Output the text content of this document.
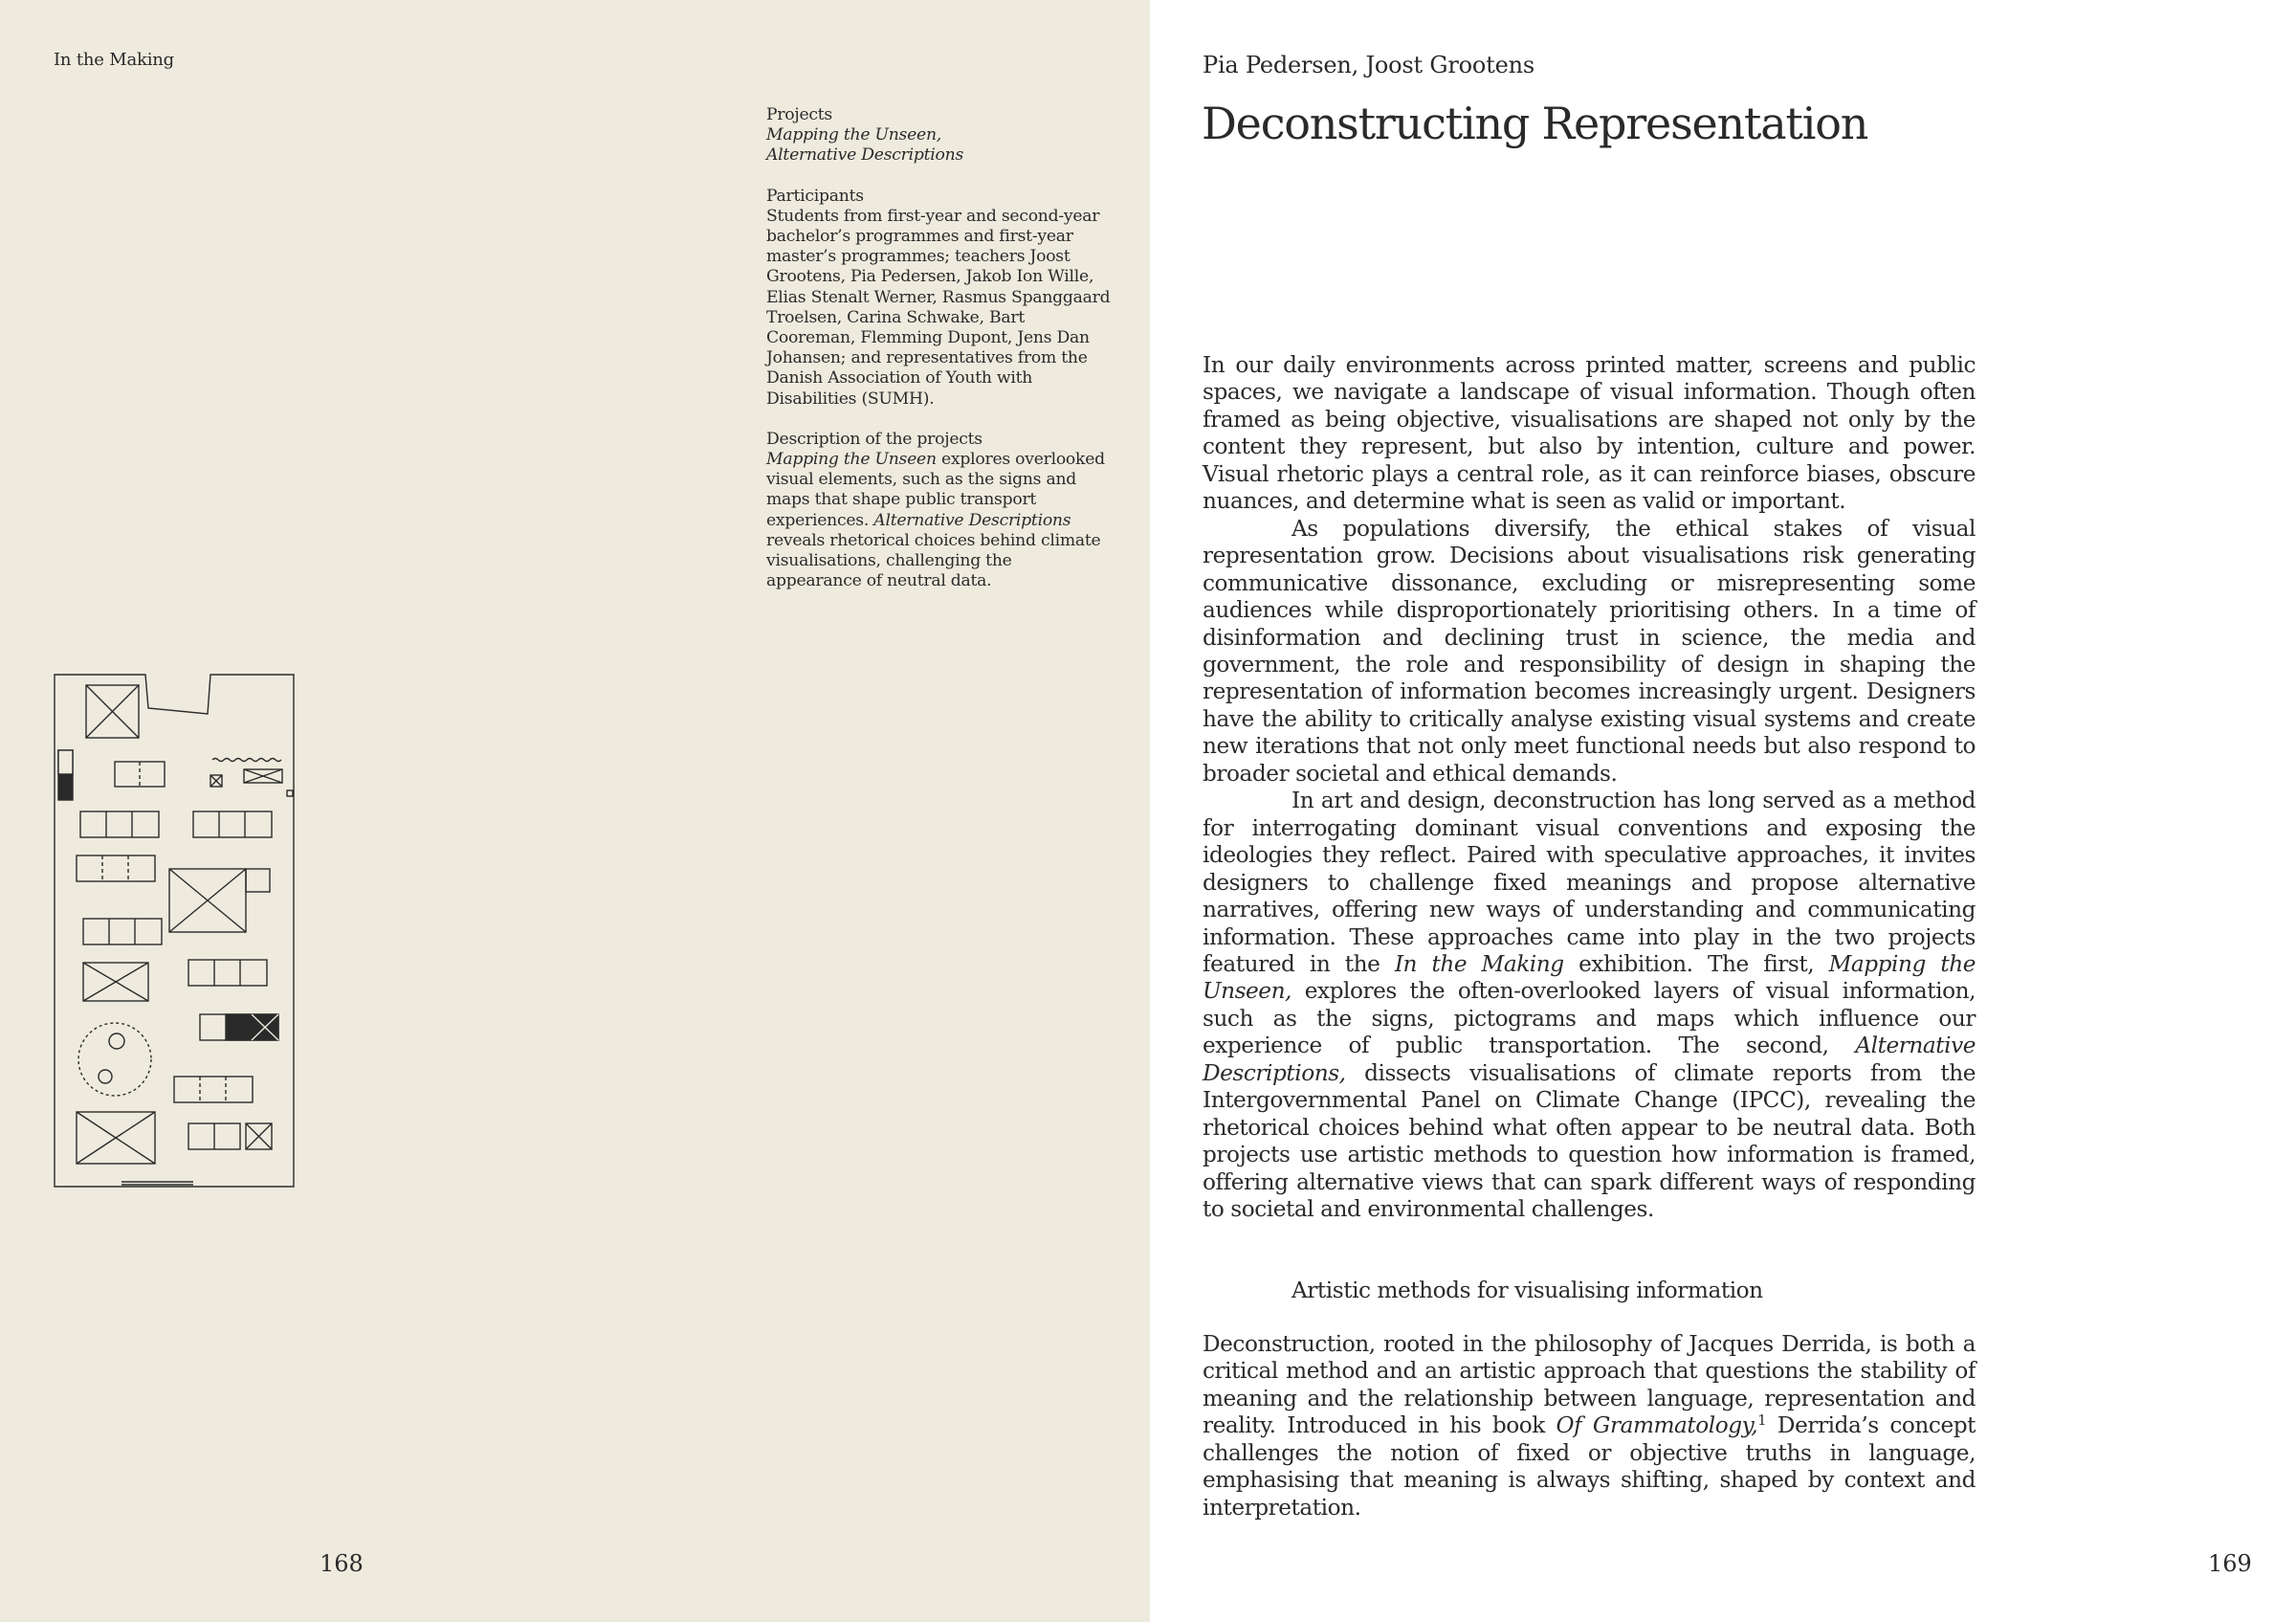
In the Making

Projects
Mapping the Unseen,
Alternative Descriptions

Participants
Students from first-year and second-year bachelor’s programmes and first-year master’s programmes; teachers Joost Grootens, Pia Pedersen, Jakob Ion Wille, Elias Stenalt Werner, Rasmus Spanggaard Troelsen, Carina Schwake, Bart Cooreman, Flemming Dupont, Jens Dan Johansen; and representatives from the Danish Association of Youth with Disabilities (SUMH).

Description of the projects
Mapping the Unseen explores overlooked visual elements, such as the signs and maps that shape public transport experiences. Alternative Descriptions reveals rhetorical choices behind climate visualisations, challenging the appearance of neutral data.

168
Pia Pedersen, Joost Grootens
Deconstructing Representation

In our daily environments across printed matter, screens and public spaces, we navigate a landscape of visual information. Though often framed as being objective, visualisations are shaped not only by the content they represent, but also by intention, culture and power. Visual rhetoric plays a central role, as it can reinforce biases, obscure nuances, and determine what is seen as valid or important.

As populations diversify, the ethical stakes of visual representation grow. Decisions about visualisations risk generating communicative dissonance, excluding or misrepresenting some audiences while disproportionately prioritising others. In a time of disinformation and declining trust in science, the media and government, the role and responsibility of design in shaping the representation of information becomes increasingly urgent. Designers have the ability to critically analyse existing visual systems and create new iterations that not only meet functional needs but also respond to broader societal and ethical demands.

In art and design, deconstruction has long served as a method for interrogating dominant visual conventions and exposing the ideologies they reflect. Paired with speculative approaches, it invites designers to challenge fixed meanings and propose alternative narratives, offering new ways of understanding and communicating information. These approaches came into play in the two projects featured in the In the Making exhibition. The first, Mapping the Unseen, explores the often-overlooked layers of visual information, such as the signs, pictograms and maps which influence our experience of public transportation. The second, Alternative Descriptions, dissects visualisations of climate reports from the Intergovernmental Panel on Climate Change (IPCC), revealing the rhetorical choices behind what often appear to be neutral data. Both projects use artistic methods to question how information is framed, offering alternative views that can spark different ways of responding to societal and environmental challenges.

Artistic methods for visualising information

Deconstruction, rooted in the philosophy of Jacques Derrida, is both a critical method and an artistic approach that questions the stability of meaning and the relationship between language, representation and reality. Introduced in his book Of Grammatology,$^1$ Derrida’s concept challenges the notion of fixed or objective truths in language, emphasising that meaning is always shifting, shaped by context and interpretation.

169
